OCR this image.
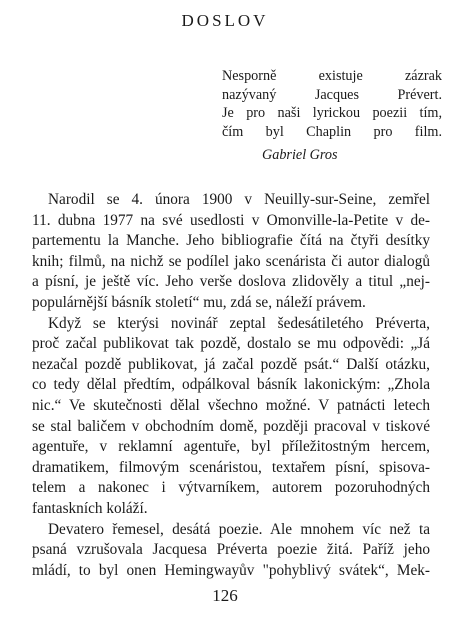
DOSLOV
Nesporně existuje zázrak
nazývaný Jacques Prévert.
Je pro naši lyrickou poezii tím,
čím byl Chaplin pro film.
Gabriel Gros
Narodil se 4. února 1900 v Neuilly-sur-Seine, zemřel
11. dubna 1977 na své usedlosti v Omonville-la-Petite v de-
partementu la Manche. Jeho bibliografie čítá na čtyři desítky
knih; filmů, na nichž se podílel jako scenárista či autor dialogů
a písní, je ještě víc. Jeho verše doslova zlidověly a titul „nej-
populárnější básník století“ mu, zdá se, náleží právem.
Když se kterýsi novinář zeptal šedesátiletého Préverta,
proč začal publikovat tak pozdě, dostalo se mu odpovědi: „Já
nezačal pozdě publikovat, já začal pozdě psát.“ Další otázku,
co tedy dělal předtím, odpálkoval básník lakonickým: „Zhola
nic.“ Ve skutečnosti dělal všechno možné. V patnácti letech
se stal baličem v obchodním domě, později pracoval v tiskové
agentuře, v reklamní agentuře, byl příležitostným hercem,
dramatikem, filmovým scenáristou, textařem písní, spisova-
telem a nakonec i výtvarníkem, autorem pozoruhodných
fantaskních koláží.
Devatero řemesel, desátá poezie. Ale mnohem víc než ta
psaná vzrušovala Jacquesa Préverta poezie žitá. Paříž jeho
mládí, to byl onen Hemingwayův "pohyblivý svátek“, Mek-
126
